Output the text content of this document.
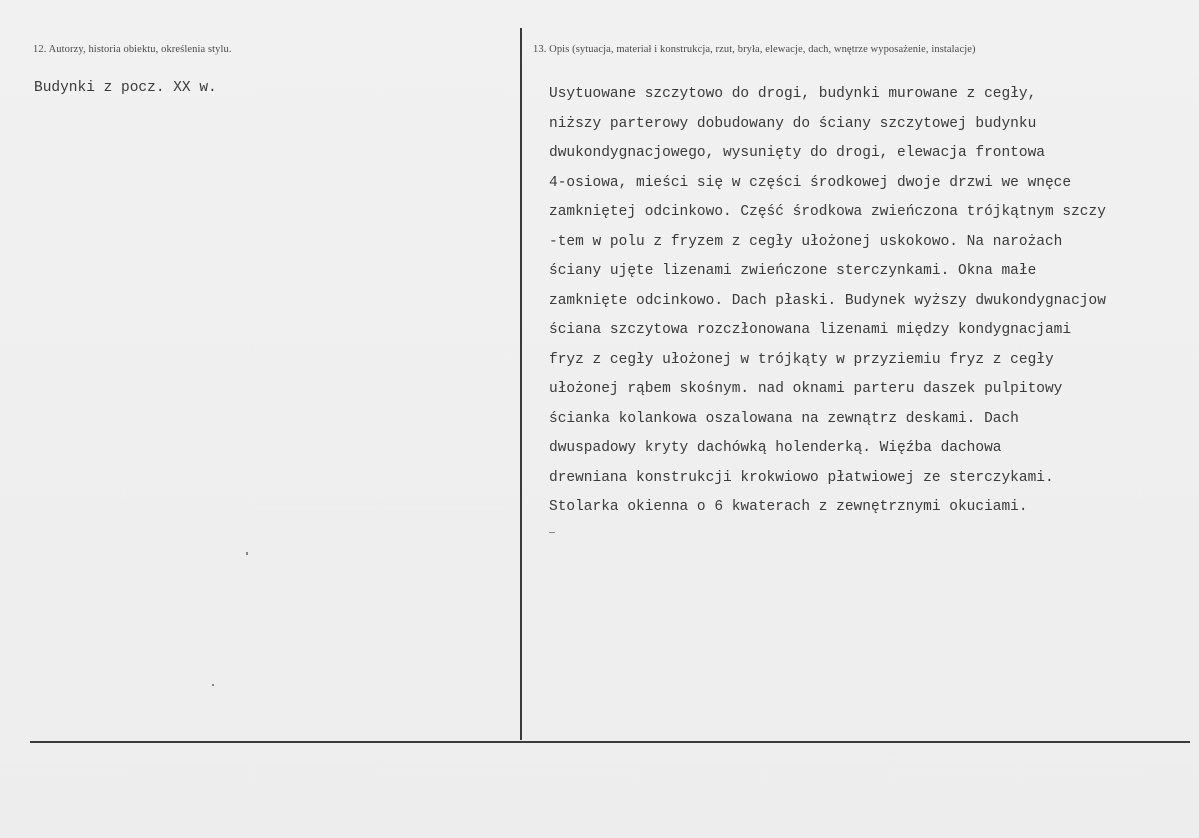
12. Autorzy, historia obiektu, określenia stylu.	13. Opis (sytuacja, materiał i konstrukcja, rzut, bryła, elewacje, dach, wnętrze wyposażenie, instalacje)
Budynki z pocz. XX w.	Usytuowane szczytowo do drogi, budynki murowane z cegły,
niższy parterowy dobudowany do ściany szczytowej budynku
dwukondygnacjowego, wysunięty do drogi, elewacja frontowa
4-osiowa, mieści się w części środkowej dwoje drzwi we wnęce
zamkniętej odcinkowo. Część środkowa zwieńczona trójkątnym szczy
-tem w polu z fryzem z cegły ułożonej uskokowo. Na narożach
ściany ujęte lizenami zwieńczone sterczynkami. Okna małe
zamknięte odcinkowo. Dach płaski. Budynek wyższy dwukondygnacjow
ściana szczytowa rozczłonowana lizenami między kondygnacjami
fryz z cegły ułożonej w trójkąty w przyziemiu fryz z cegły
ułożonej rąbem skośnym. nad oknami parteru daszek pulpitowy
ścianka kolankowa oszalowana na zewnątrz deskami. Dach
dwuspadowy kryty dachówką holenderką. Więźba dachowa
drewniana konstrukcji krokwiowo płatwiowej ze sterczykami.
Stolarka okienna o 6 kwaterach z zewnętrznymi okuciami.
